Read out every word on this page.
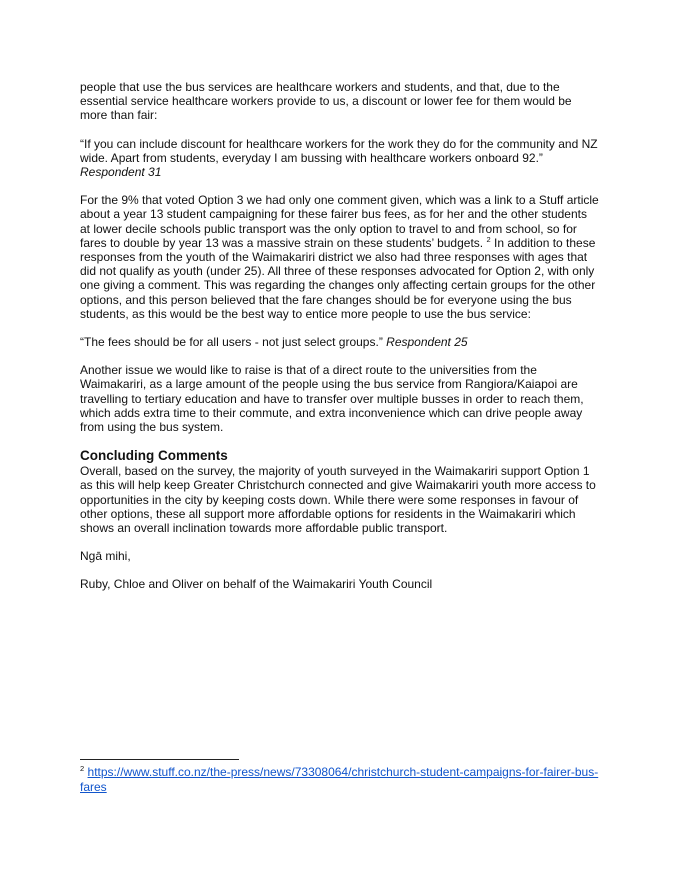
people that use the bus services are healthcare workers and students, and that, due to the essential service healthcare workers provide to us, a discount or lower fee for them would be more than fair:

“If you can include discount for healthcare workers for the work they do for the community and NZ wide. Apart from students, everyday I am bussing with healthcare workers onboard 92.” Respondent 31

For the 9% that voted Option 3 we had only one comment given, which was a link to a Stuff article about a year 13 student campaigning for these fairer bus fees, as for her and the other students at lower decile schools public transport was the only option to travel to and from school, so for fares to double by year 13 was a massive strain on these students’ budgets. $^2$ In addition to these responses from the youth of the Waimakariri district we also had three responses with ages that did not qualify as youth (under 25). All three of these responses advocated for Option 2, with only one giving a comment. This was regarding the changes only affecting certain groups for the other options, and this person believed that the fare changes should be for everyone using the bus students, as this would be the best way to entice more people to use the bus service:

“The fees should be for all users - not just select groups.” Respondent 25

Another issue we would like to raise is that of a direct route to the universities from the Waimakariri, as a large amount of the people using the bus service from Rangiora/Kaiapoi are travelling to tertiary education and have to transfer over multiple busses in order to reach them, which adds extra time to their commute, and extra inconvenience which can drive people away from using the bus system.

Concluding Comments

Overall, based on the survey, the majority of youth surveyed in the Waimakariri support Option 1 as this will help keep Greater Christchurch connected and give Waimakariri youth more access to opportunities in the city by keeping costs down. While there were some responses in favour of other options, these all support more affordable options for residents in the Waimakariri which shows an overall inclination towards more affordable public transport.

Ngā mihi,

Ruby, Chloe and Oliver on behalf of the Waimakariri Youth Council

$^2$ https://www.stuff.co.nz/the-press/news/73308064/christchurch-student-campaigns-for-fairer-bus-fares
